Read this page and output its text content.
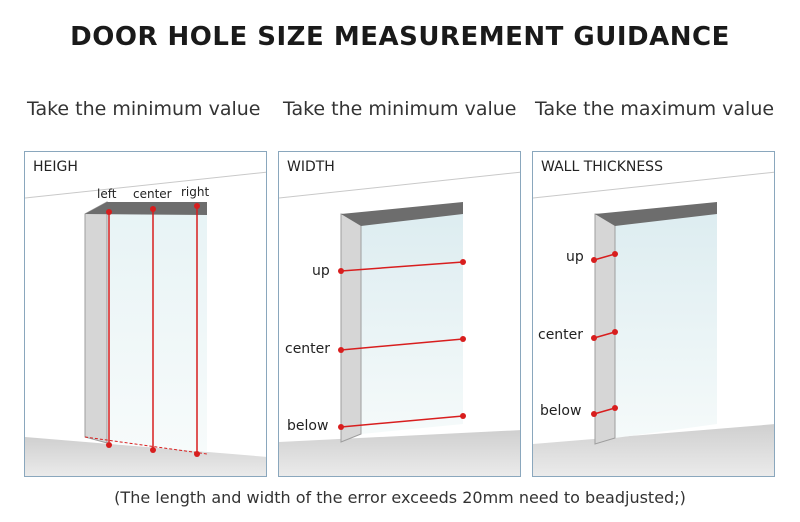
DOOR HOLE SIZE MEASUREMENT GUIDANCE
Take the minimum value Take the minimum value Take the maximum value
HEIGH
left center right
WIDTH
up
center
below
WALL THICKNESS
up
center
below
(The length and width of the error exceeds 20mm need to beadjusted;)
